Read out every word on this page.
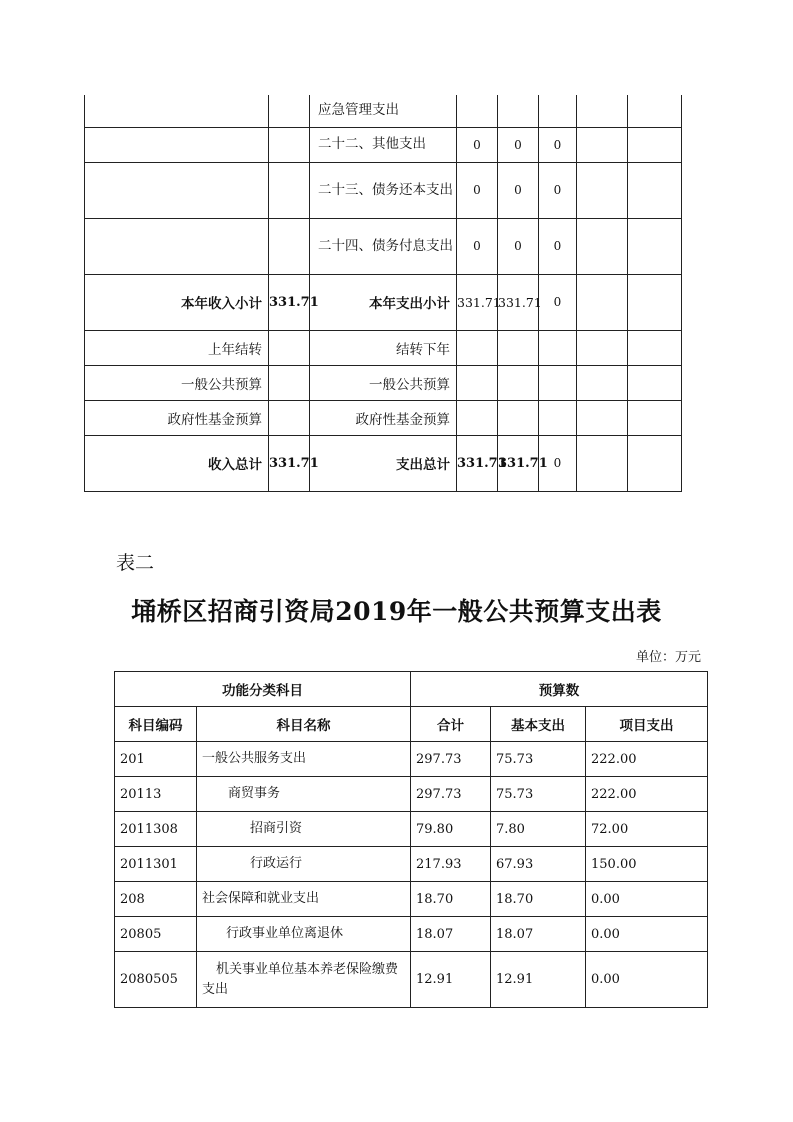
		应急管理支出					
		二十二、其他支出	0	0	0		
		二十三、债务还本支出	0	0	0		
		二十四、债务付息支出	0	0	0		
本年收入小计	331.71	本年支出小计	331.71	331.71	0		
上年结转		结转下年					
一般公共预算		一般公共预算					
政府性基金预算		政府性基金预算					
收入总计	331.71	支出总计	331.71	331.71	0		

表二

埇桥区招商引资局2019年一般公共预算支出表
单位：万元
功能分类科目		预算数		
科目编码	科目名称	合计	基本支出	项目支出
201	一般公共服务支出	297.73	75.73	222.00
20113	商贸事务	297.73	75.73	222.00
2011308	招商引资	79.80	7.80	72.00
2011301	行政运行	217.93	67.93	150.00
208	社会保障和就业支出	18.70	18.70	0.00
20805	行政事业单位离退休	18.07	18.07	0.00
2080505	机关事业单位基本养老保险缴费支出	12.91	12.91	0.00
